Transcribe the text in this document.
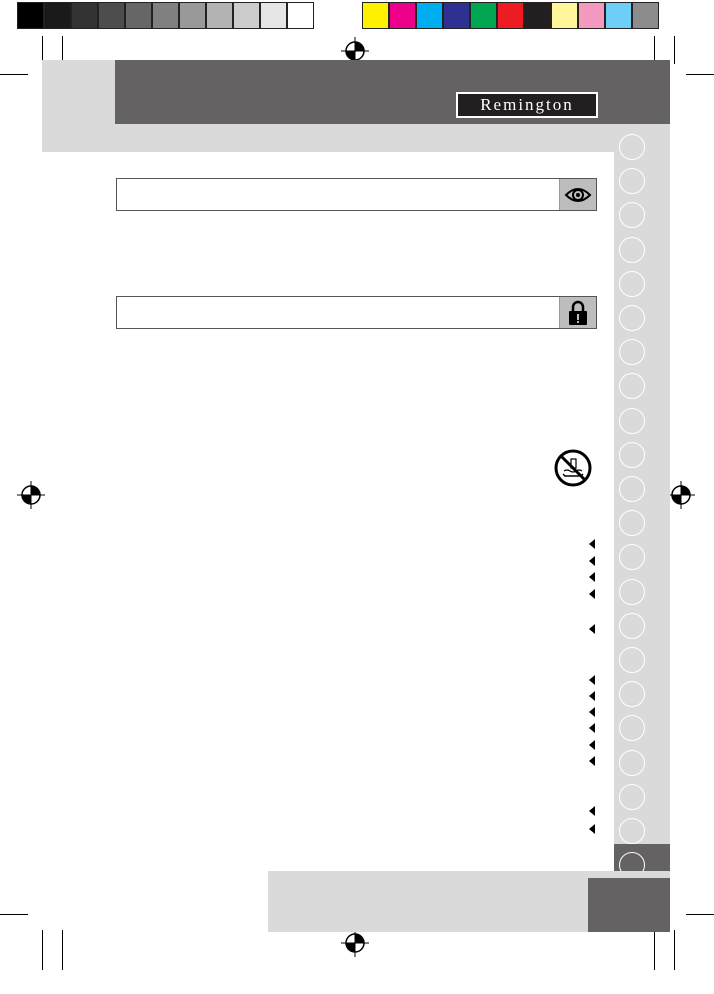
Remington
